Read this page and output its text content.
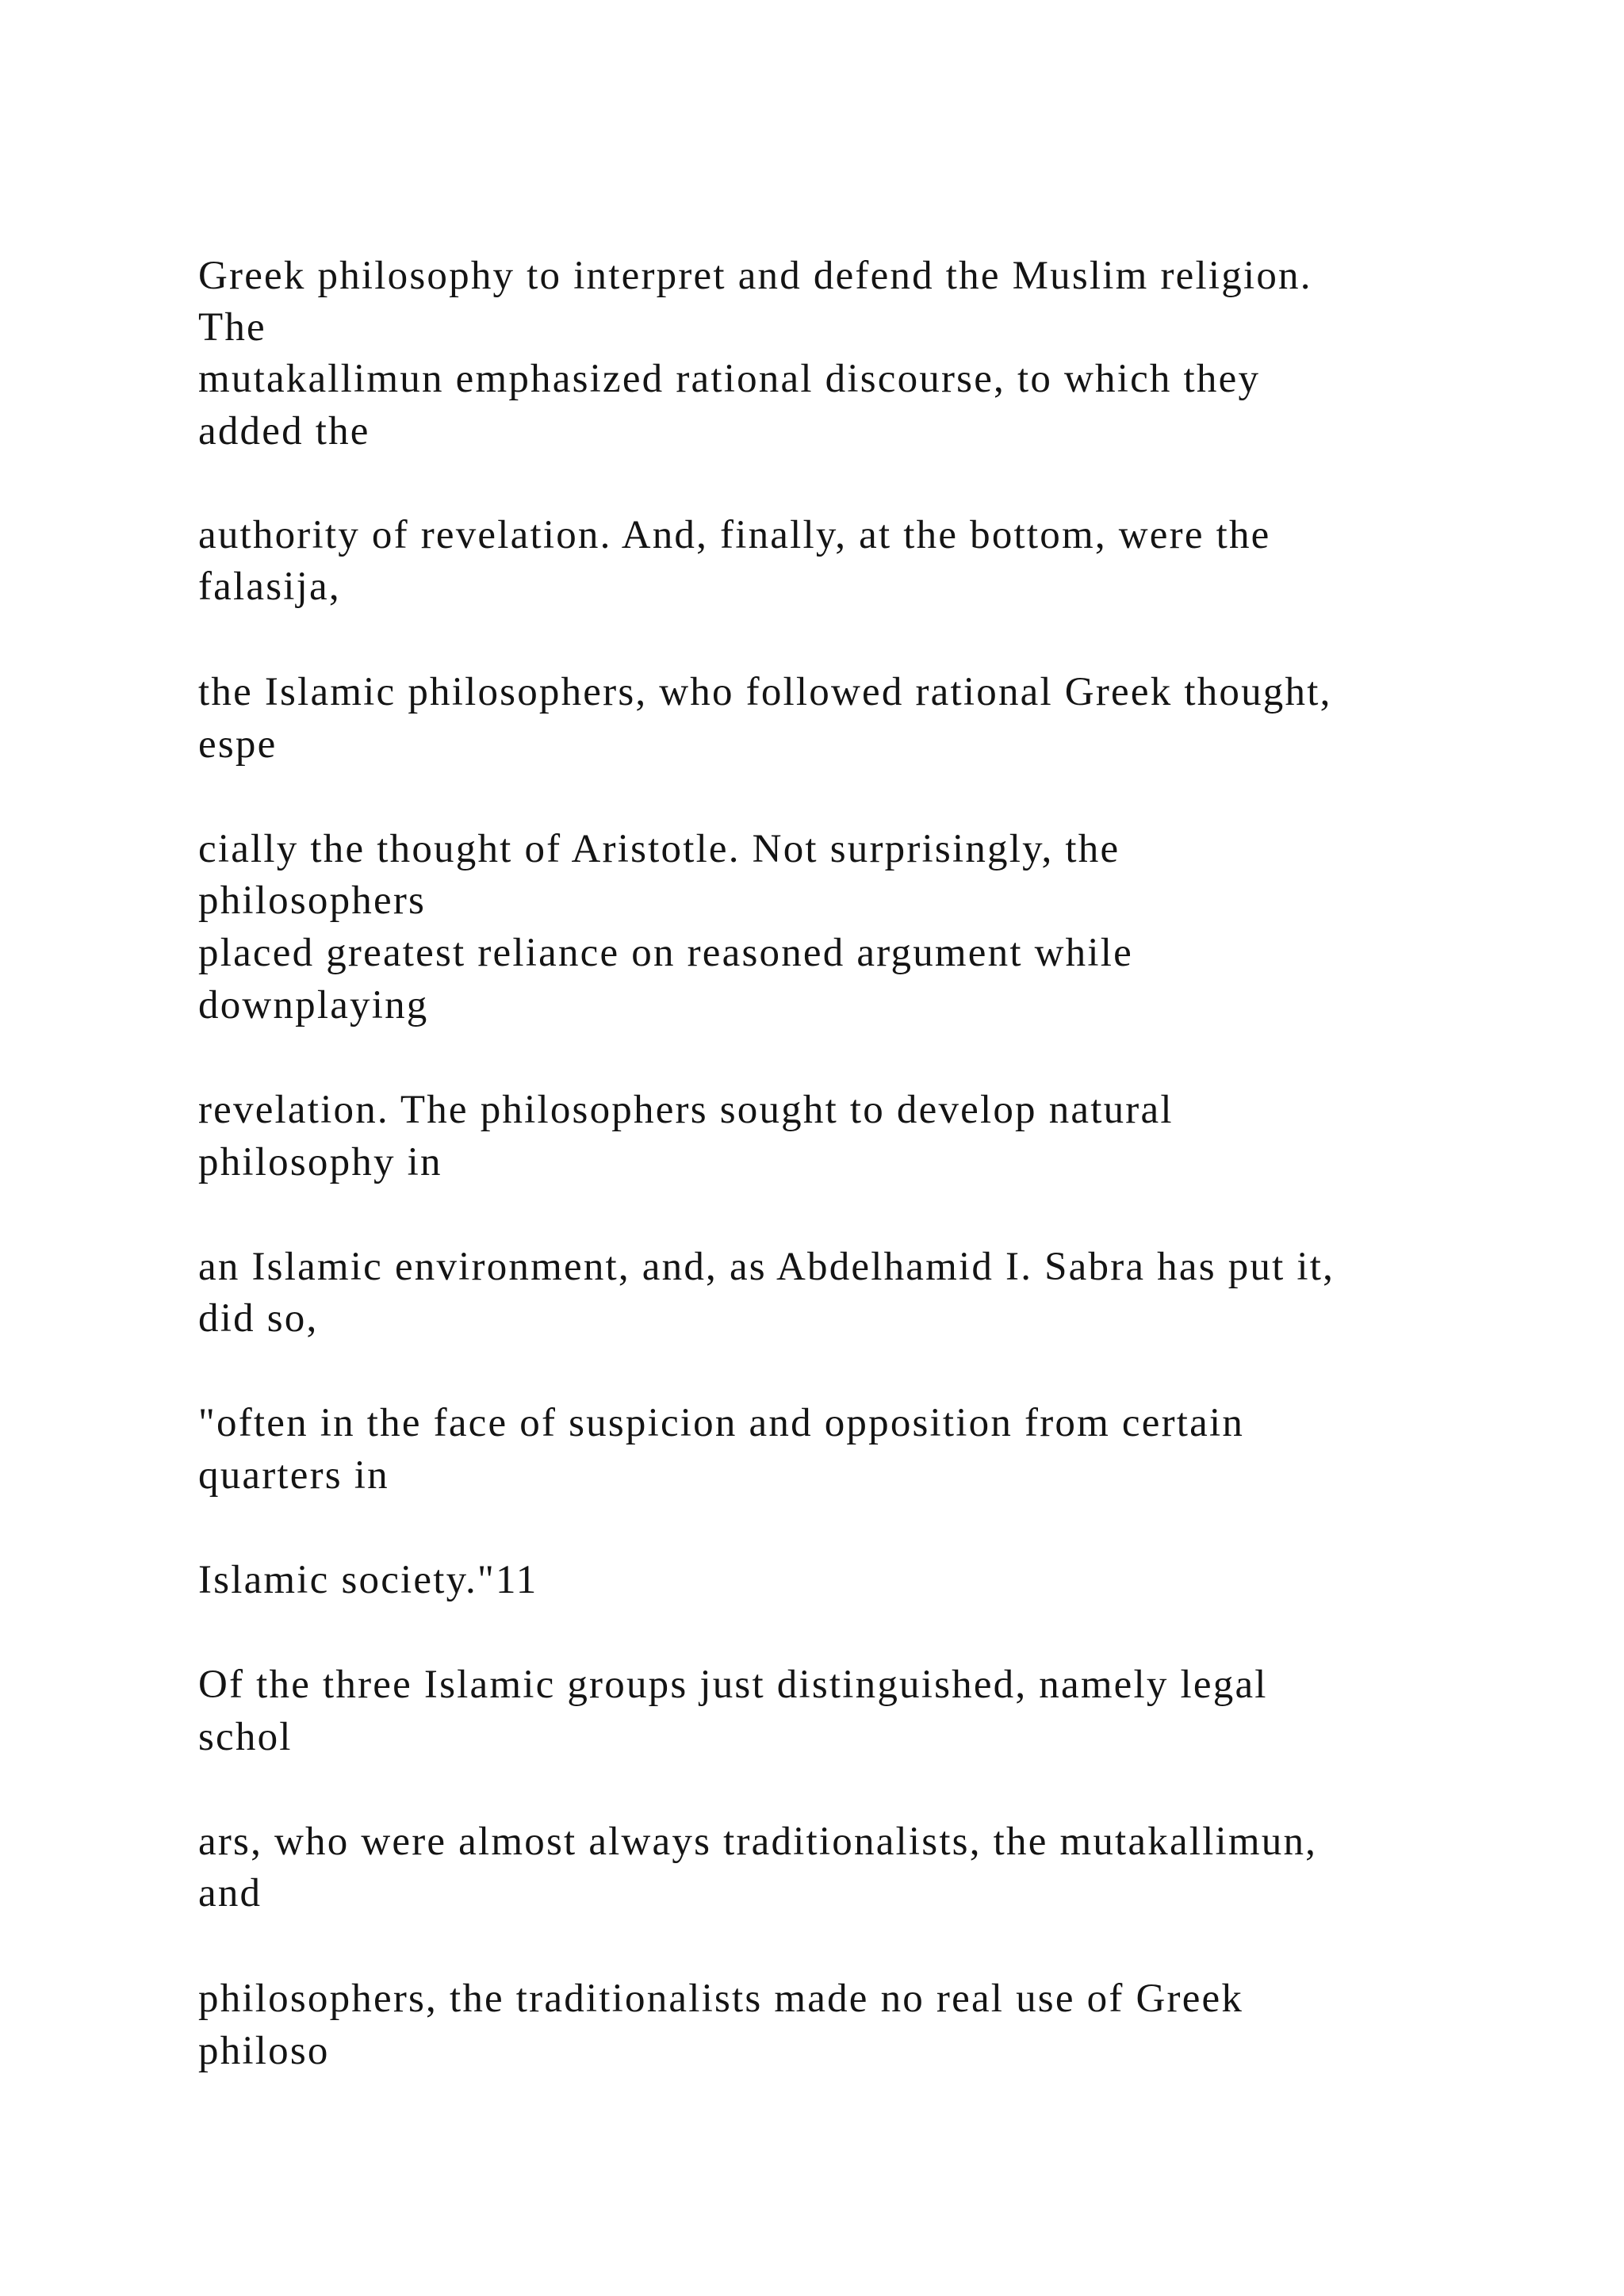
Greek philosophy to interpret and defend the Muslim religion.

The

mutakallimun emphasized rational discourse, to which they

added the

authority of revelation. And, finally, at the bottom, were the

falasija,

the Islamic philosophers, who followed rational Greek thought,

espe

cially the thought of Aristotle. Not surprisingly, the

philosophers

placed greatest reliance on reasoned argument while

downplaying

revelation. The philosophers sought to develop natural

philosophy in

an Islamic environment, and, as Abdelhamid I. Sabra has put it,

did so,

"often in the face of suspicion and opposition from certain

quarters in

Islamic society."11

Of the three Islamic groups just distinguished, namely legal

schol

ars, who were almost always traditionalists, the mutakallimun,

and

philosophers, the traditionalists made no real use of Greek

philoso
